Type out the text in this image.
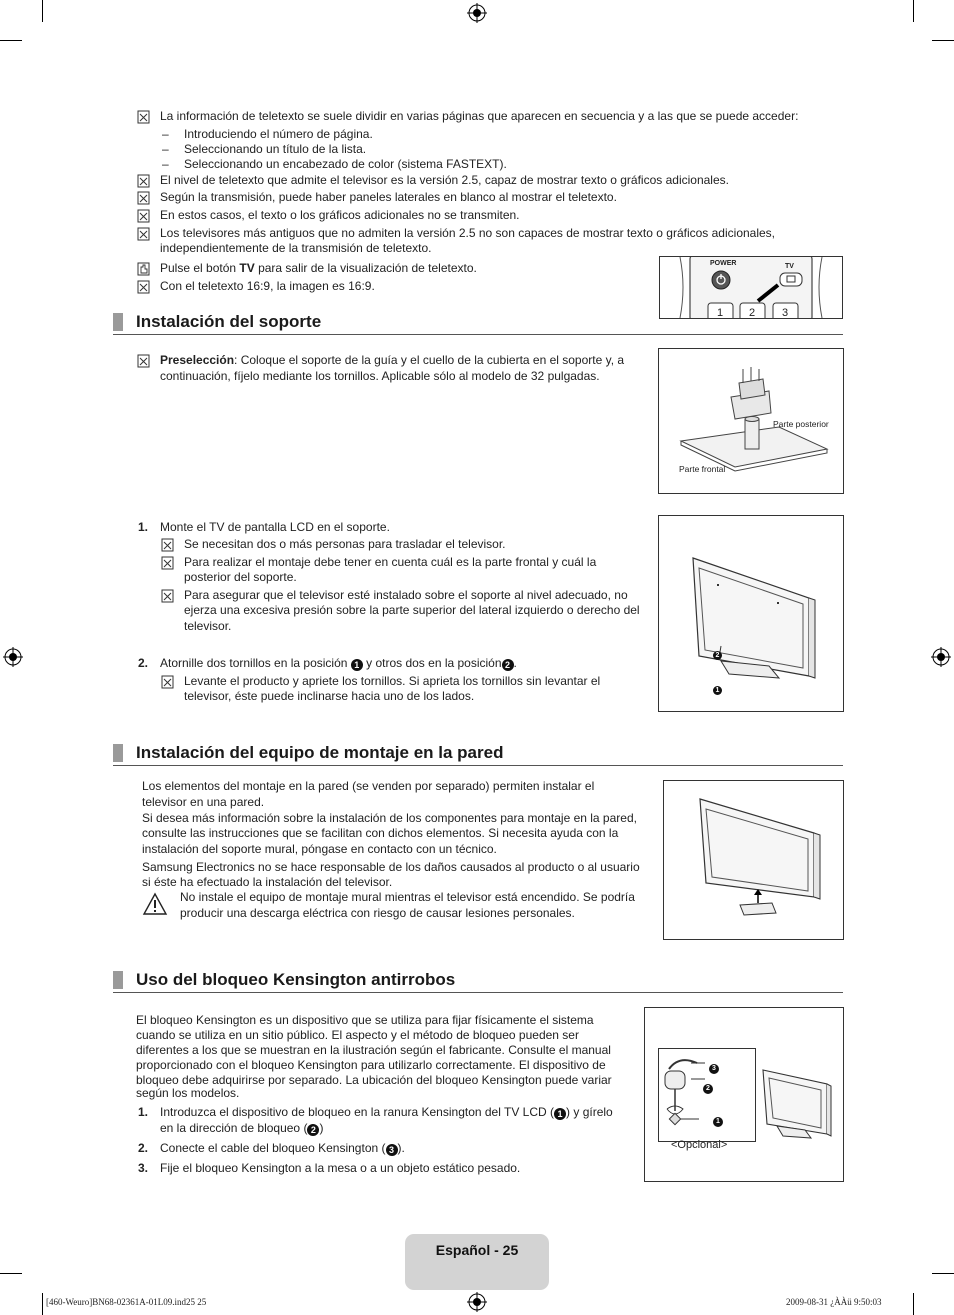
La información de teletexto se suele dividir en varias páginas que aparecen en secuencia y a las que se puede acceder:
– Introduciendo el número de página.
– Seleccionando un título de la lista.
– Seleccionando un encabezado de color (sistema FASTEXT).
El nivel de teletexto que admite el televisor es la versión 2.5, capaz de mostrar texto o gráficos adicionales.
Según la transmisión, puede haber paneles laterales en blanco al mostrar el teletexto.
En estos casos, el texto o los gráficos adicionales no se transmiten.
Los televisores más antiguos que no admiten la versión 2.5 no son capaces de mostrar texto o gráficos adicionales,
independientemente de la transmisión de teletexto.
Pulse el botón TV para salir de la visualización de teletexto.
Con el teletexto 16:9, la imagen es 16:9.
POWER	TV
1 2 3
Instalación del soporte
Preselección: Coloque el soporte de la guía y el cuello de la cubierta en el soporte y, a
continuación, fíjelo mediante los tornillos. Aplicable sólo al modelo de 32 pulgadas.
Parte posterior
Parte frontal
1. Monte el TV de pantalla LCD en el soporte.
Se necesitan dos o más personas para trasladar el televisor.
Para realizar el montaje debe tener en cuenta cuál es la parte frontal y cuál la
posterior del soporte.
Para asegurar que el televisor esté instalado sobre el soporte al nivel adecuado, no
ejerza una excesiva presión sobre la parte superior del lateral izquierdo o derecho del
televisor.
2. Atornille dos tornillos en la posición 1 y otros dos en la posición 2 .
Levante el producto y apriete los tornillos. Si aprieta los tornillos sin levantar el
televisor, éste puede inclinarse hacia uno de los lados.
2
1
Instalación del equipo de montaje en la pared
Los elementos del montaje en la pared (se venden por separado) permiten instalar el
televisor en una pared.
Si desea más información sobre la instalación de los componentes para montaje en la pared,
consulte las instrucciones que se facilitan con dichos elementos. Si necesita ayuda con la
instalación del soporte mural, póngase en contacto con un técnico.
Samsung Electronics no se hace responsable de los daños causados al producto o al usuario
si éste ha efectuado la instalación del televisor.
No instale el equipo de montaje mural mientras el televisor está encendido. Se podría
producir una descarga eléctrica con riesgo de causar lesiones personales.
Uso del bloqueo Kensington antirrobos
El bloqueo Kensington es un dispositivo que se utiliza para fijar físicamente el sistema
cuando se utiliza en un sitio público. El aspecto y el método de bloqueo pueden ser
diferentes a los que se muestran en la ilustración según el fabricante. Consulte el manual
proporcionado con el bloqueo Kensington para utilizarlo correctamente. El dispositivo de
bloqueo debe adquirirse por separado. La ubicación del bloqueo Kensington puede variar
según los modelos.
1. Introduzca el dispositivo de bloqueo en la ranura Kensington del TV LCD ( 1 ) y gírelo
en la dirección de bloqueo ( 2 )
2. Conecte el cable del bloqueo Kensington ( 3 ).
3. Fije el bloqueo Kensington a la mesa o a un objeto estático pesado.
3
2
1
<Opcional>
Español - 25
[460-Weuro]BN68-02361A-01L09.ind25 25	2009-08-31 ¿ÀÀü 9:50:03
